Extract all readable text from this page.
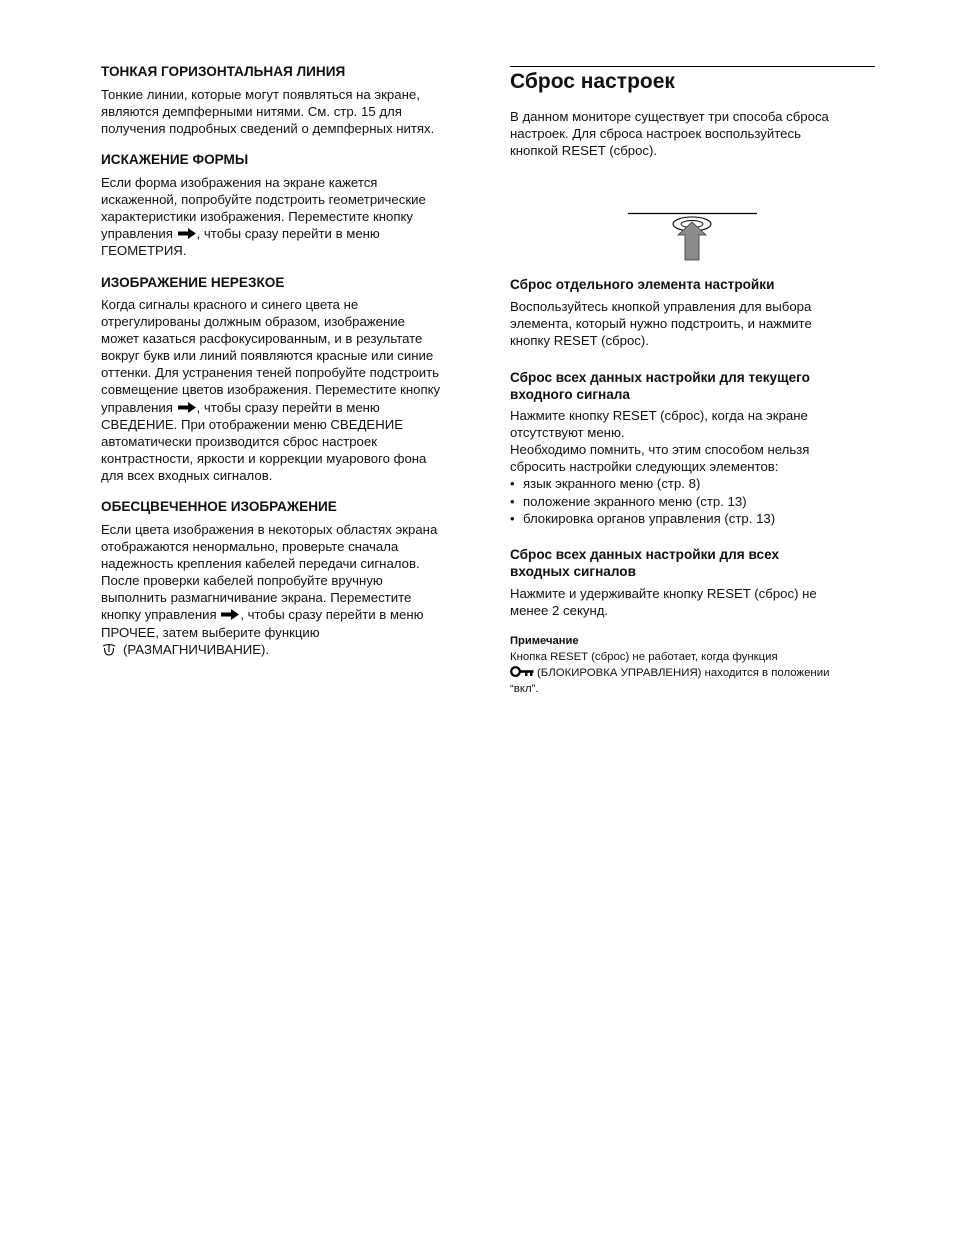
ТОНКАЯ ГОРИЗОНТАЛЬНАЯ ЛИНИЯ

Тонкие линии, которые могут появляться на экране,
являются демпферными нитями. См. стр. 15 для
получения подробных сведений о демпферных нитях.

ИСКАЖЕНИЕ ФОРМЫ

Если форма изображения на экране кажется
искаженной, попробуйте подстроить геометрические
характеристики изображения. Переместите кнопку
управления , чтобы сразу перейти в меню
ГЕОМЕТРИЯ.

ИЗОБРАЖЕНИЕ НЕРЕЗКОЕ

Когда сигналы красного и синего цвета не
отрегулированы должным образом, изображение
может казаться расфокусированным, и в результате
вокруг букв или линий появляются красные или синие
оттенки. Для устранения теней попробуйте подстроить
совмещение цветов изображения. Переместите кнопку
управления , чтобы сразу перейти в меню
СВЕДЕНИЕ. При отображении меню СВЕДЕНИЕ
автоматически производится сброс настроек
контрастности, яркости и коррекции муарового фона
для всех входных сигналов.

ОБЕСЦВЕЧЕННОЕ ИЗОБРАЖЕНИЕ

Если цвета изображения в некоторых областях экрана
отображаются ненормально, проверьте сначала
надежность крепления кабелей передачи сигналов.
После проверки кабелей попробуйте вручную
выполнить размагничивание экрана. Переместите
кнопку управления , чтобы сразу перейти в меню
ПРОЧЕЕ, затем выберите функцию
(РАЗМАГНИЧИВАНИЕ).

Сброс настроек

В данном мониторе существует три способа сброса
настроек. Для сброса настроек воспользуйтесь
кнопкой RESET (сброс).

Сброс отдельного элемента настройки

Воспользуйтесь кнопкой управления для выбора
элемента, который нужно подстроить, и нажмите
кнопку RESET (сброс).

Сброс всех данных настройки для текущего
входного сигнала

Нажмите кнопку RESET (сброс), когда на экране
отсутствуют меню.
Необходимо помнить, что этим способом нельзя
сбросить настройки следующих элементов:

• язык экранного меню (стр. 8)
• положение экранного меню (стр. 13)
• блокировка органов управления (стр. 13)
Сброс всех данных настройки для всех
входных сигналов

Нажмите и удерживайте кнопку RESET (сброс) не
менее 2 секунд.

Примечание

Кнопка RESET (сброс) не работает, когда функция
(БЛОКИРОВКА УПРАВЛЕНИЯ) находится в положении
“вкл”.
